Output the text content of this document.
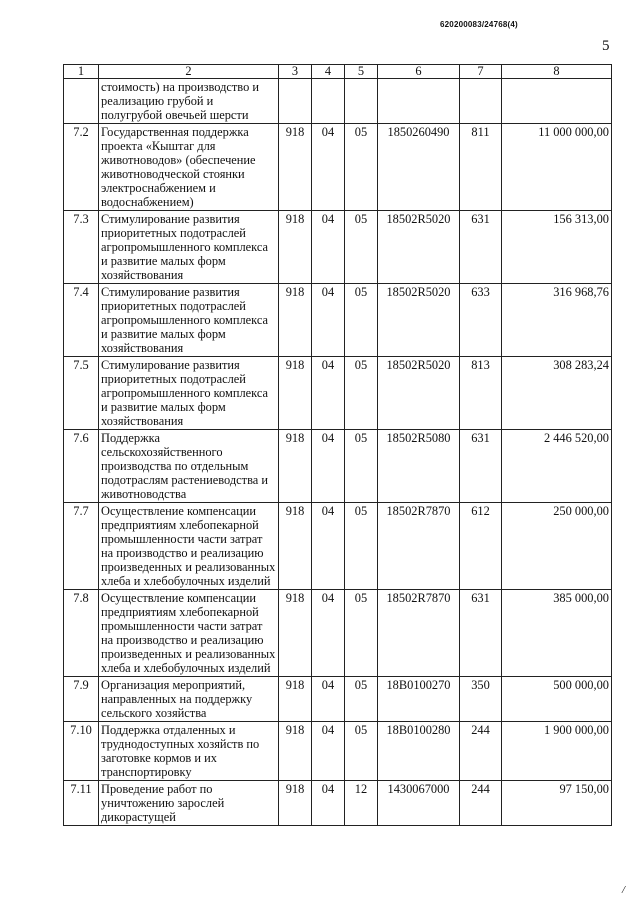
620200083/24768(4)
5
1	2	3	4	5	6	7	8
	стоимость) на производство и реализацию грубой и полугрубой овечьей шерсти						
7.2	Государственная поддержка проекта «Кыштаг для животноводов» (обеспечение животноводческой стоянки электроснабжением и водоснабжением)	918	04	05	1850260490	811	11 000 000,00
7.3	Стимулирование развития приоритетных подотраслей агропромышленного комплекса и развитие малых форм хозяйствования	918	04	05	18502R5020	631	156 313,00
7.4	Стимулирование развития приоритетных подотраслей агропромышленного комплекса и развитие малых форм хозяйствования	918	04	05	18502R5020	633	316 968,76
7.5	Стимулирование развития приоритетных подотраслей агропромышленного комплекса и развитие малых форм хозяйствования	918	04	05	18502R5020	813	308 283,24
7.6	Поддержка сельскохозяйственного производства по отдельным подотраслям растениеводства и животноводства	918	04	05	18502R5080	631	2 446 520,00
7.7	Осуществление компенсации предприятиям хлебопекарной промышленности части затрат на производство и реализацию произведенных и реализованных хлеба и хлебобулочных изделий	918	04	05	18502R7870	612	250 000,00
7.8	Осуществление компенсации предприятиям хлебопекарной промышленности части затрат на производство и реализацию произведенных и реализованных хлеба и хлебобулочных изделий	918	04	05	18502R7870	631	385 000,00
7.9	Организация мероприятий, направленных на поддержку сельского хозяйства	918	04	05	18В0100270	350	500 000,00
7.10	Поддержка отдаленных и труднодоступных хозяйств по заготовке кормов и их транспортировку	918	04	05	18В0100280	244	1 900 000,00
7.11	Проведение работ по уничтожению зарослей дикорастущей	918	04	12	1430067000	244	97 150,00
/
